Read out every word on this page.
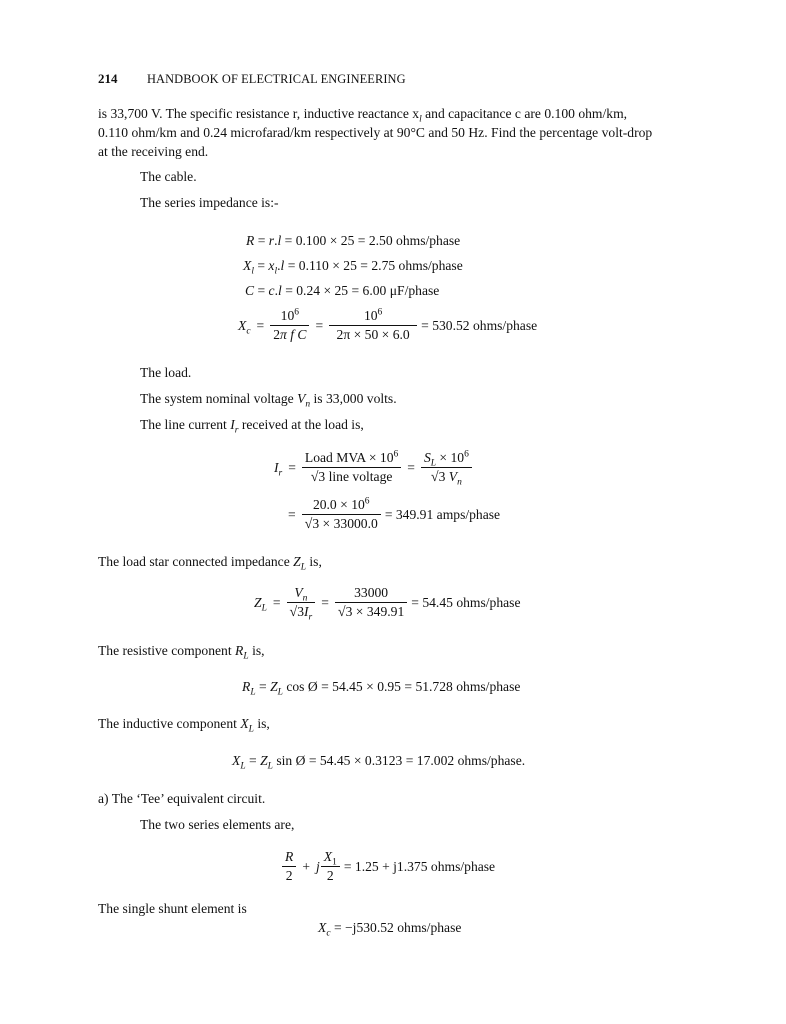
214 HANDBOOK OF ELECTRICAL ENGINEERING
is 33,700 V. The specific resistance r, inductive reactance $x_l$ and capacitance c are 0.100 ohm/km,
0.110 ohm/km and 0.24 microfarad/km respectively at 90°C and 50 Hz. Find the percentage volt-drop
at the receiving end.
The cable.
The series impedance is:-
R = r.l = 0.100 × 25 = 2.50 ohms/phase
$X_l = x_l.l = 0.110 \times 25 = 2.75$ ohms/phase
C = c.l = 0.24 × 25 = 6.00 μF/phase
$X_c = \frac{10^6}{\text{2π f C}} = \frac{10^6}{2\pi \times 50 \times 6.0} = 530.52$ ohms/phase
The load.
The system nominal voltage $V_n$ is 33,000 volts.
The line current $I_r$ received at the load is,
$I_r = \frac{Load MVA \times 10^6}{\text{√3 line voltage}} = \frac{S_L \times 10^6}{√3 V_n}$
= $\frac{20.0 \times 10^6}{√3 \times 33000.0} = 349.91$ amps/phase
The load star connected impedance $Z_L$ is,
$Z_L = \frac{V_n}{√3I_r} = \frac{33000}{√3 \times 349.91} = 54.45$ ohms/phase
The resistive component $R_L$ is,
$R_L = Z_L$ cos Ø = 54.45 × 0.95 = 51.728 ohms/phase
The inductive component $X_L$ is,
$X_L = Z_L$ sin Ø = 54.45 × 0.3123 = 17.002 ohms/phase.
a) The ‘Tee’ equivalent circuit.
The two series elements are,
$\frac{R}{2} + j \frac{X_1}{2} = 1.25 + j1.375$ ohms/phase
The single shunt element is
$X_c = -j530.52$ ohms/phase
